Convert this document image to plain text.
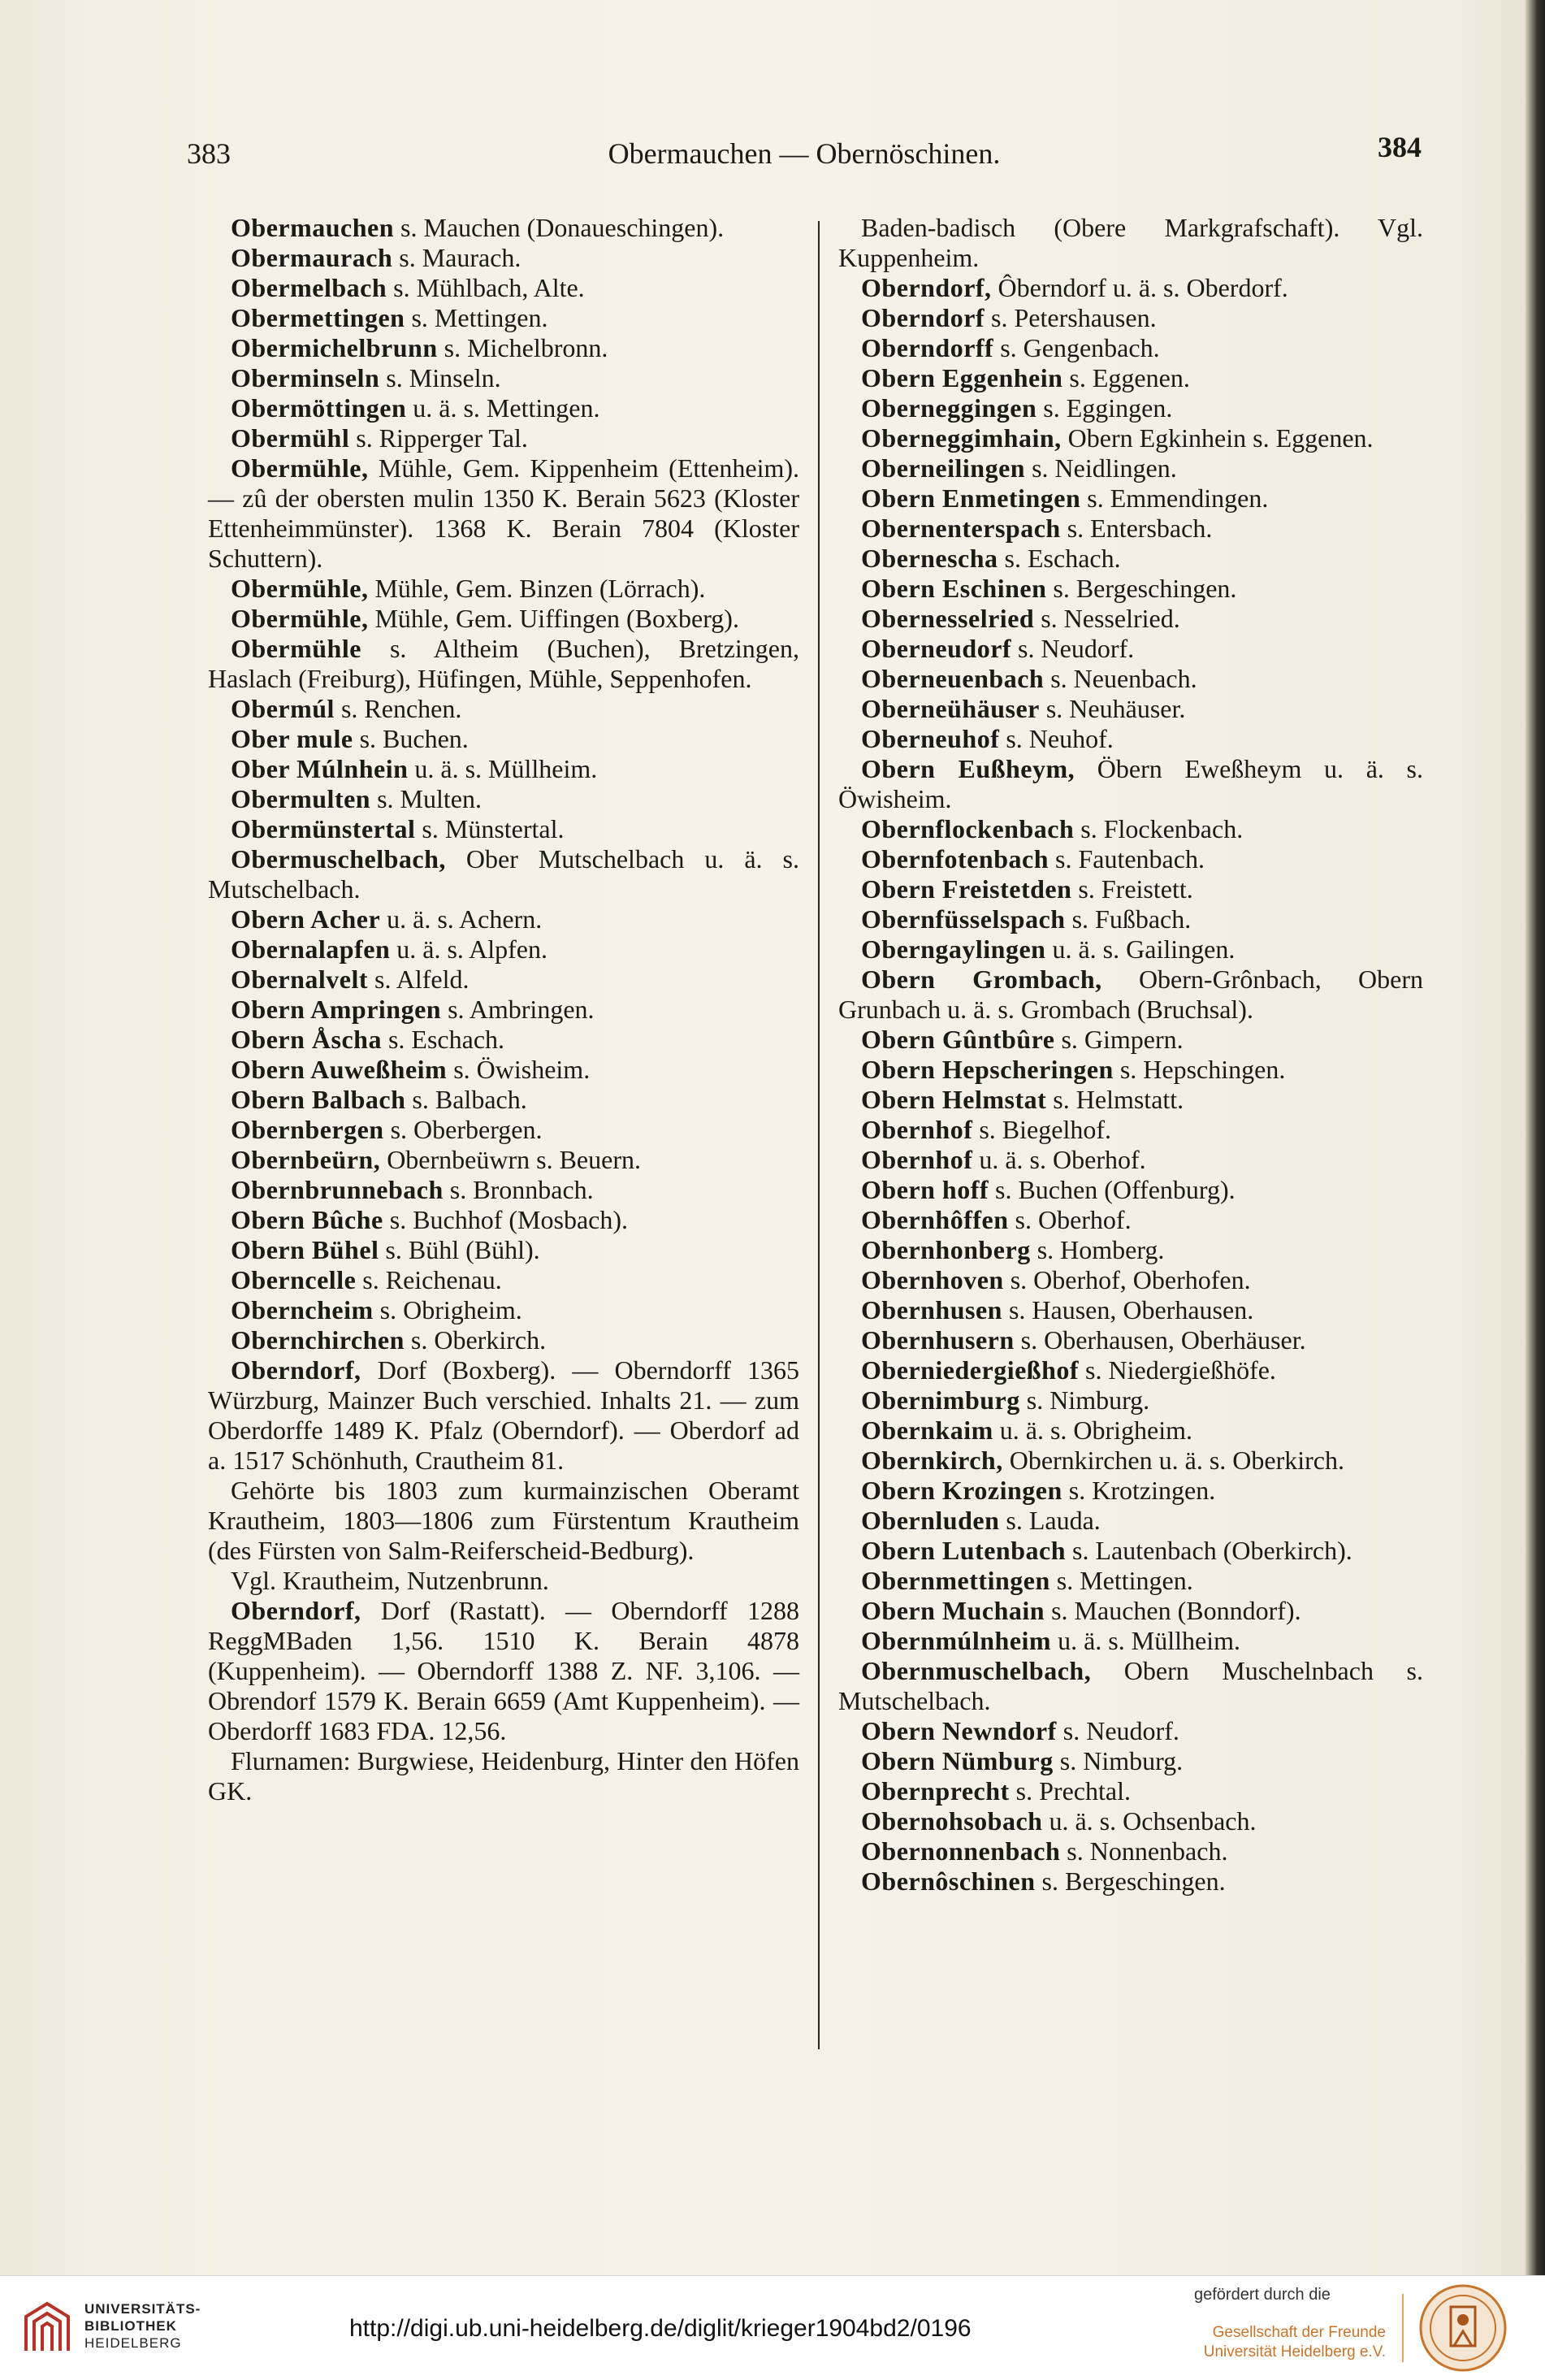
383	Obermauchen — Obernöschinen.	384

Obermauchen s. Mauchen (Donaueschingen).

Obermaurach s. Maurach.

Obermelbach s. Mühlbach, Alte.

Obermettingen s. Mettingen.

Obermichelbrunn s. Michelbronn.

Oberminseln s. Minseln.

Obermöttingen u. ä. s. Mettingen.

Obermühl s. Ripperger Tal.

Obermühle, Mühle, Gem. Kippenheim (Ettenheim). — zû der obersten mulin 1350 K. Berain 5623 (Kloster Ettenheimmünster). 1368 K. Berain 7804 (Kloster Schuttern).

Obermühle, Mühle, Gem. Binzen (Lörrach).

Obermühle, Mühle, Gem. Uiffingen (Boxberg).

Obermühle s. Altheim (Buchen), Bretzingen, Haslach (Freiburg), Hüfingen, Mühle, Seppenhofen.

Obermúl s. Renchen.

Ober mule s. Buchen.

Ober Múlnhein u. ä. s. Müllheim.

Obermulten s. Multen.

Obermünstertal s. Münstertal.

Obermuschelbach, Ober Mutschelbach u. ä. s. Mutschelbach.

Obern Acher u. ä. s. Achern.

Obernalapfen u. ä. s. Alpfen.

Obernalvelt s. Alfeld.

Obern Ampringen s. Ambringen.

Obern Åscha s. Eschach.

Obern Auweßheim s. Öwisheim.

Obern Balbach s. Balbach.

Obernbergen s. Oberbergen.

Obernbeürn, Obernbeüwrn s. Beuern.

Obernbrunnebach s. Bronnbach.

Obern Bûche s. Buchhof (Mosbach).

Obern Bühel s. Bühl (Bühl).

Oberncelle s. Reichenau.

Oberncheim s. Obrigheim.

Obernchirchen s. Oberkirch.

Oberndorf, Dorf (Boxberg). — Oberndorff 1365 Würzburg, Mainzer Buch verschied. Inhalts 21. — zum Oberdorffe 1489 K. Pfalz (Oberndorf). — Oberdorf ad a. 1517 Schönhuth, Crautheim 81.

Gehörte bis 1803 zum kurmainzischen Oberamt Krautheim, 1803—1806 zum Fürstentum Krautheim (des Fürsten von Salm-Reiferscheid-Bedburg).

Vgl. Krautheim, Nutzenbrunn.

Oberndorf, Dorf (Rastatt). — Oberndorff 1288 ReggMBaden 1,56. 1510 K. Berain 4878 (Kuppenheim). — Oberndorff 1388 Z. NF. 3,106. — Obrendorf 1579 K. Berain 6659 (Amt Kuppenheim). — Oberdorff 1683 FDA. 12,56.

Flurnamen: Burgwiese, Heidenburg, Hinter den Höfen GK.

Baden-badisch (Obere Markgrafschaft). Vgl. Kuppenheim.

Oberndorf, Ôberndorf u. ä. s. Oberdorf.

Oberndorf s. Petershausen.

Oberndorff s. Gengenbach.

Obern Eggenhein s. Eggenen.

Oberneggingen s. Eggingen.

Oberneggimhain, Obern Egkinhein s. Eggenen.

Oberneilingen s. Neidlingen.

Obern Enmetingen s. Emmendingen.

Obernenterspach s. Entersbach.

Obernescha s. Eschach.

Obern Eschinen s. Bergeschingen.

Obernesselried s. Nesselried.

Oberneudorf s. Neudorf.

Oberneuenbach s. Neuenbach.

Oberneühäuser s. Neuhäuser.

Oberneuhof s. Neuhof.

Obern Eußheym, Öbern Eweßheym u. ä. s. Öwisheim.

Obernflockenbach s. Flockenbach.

Obernfotenbach s. Fautenbach.

Obern Freistetden s. Freistett.

Obernfüsselspach s. Fußbach.

Oberngaylingen u. ä. s. Gailingen.

Obern Grombach, Obern-Grônbach, Obern Grunbach u. ä. s. Grombach (Bruchsal).

Obern Gûntbûre s. Gimpern.

Obern Hepscheringen s. Hepschingen.

Obern Helmstat s. Helmstatt.

Obernhof s. Biegelhof.

Obernhof u. ä. s. Oberhof.

Obern hoff s. Buchen (Offenburg).

Obernhôffen s. Oberhof.

Obernhonberg s. Homberg.

Obernhoven s. Oberhof, Oberhofen.

Obernhusen s. Hausen, Oberhausen.

Obernhusern s. Oberhausen, Oberhäuser.

Oberniedergießhof s. Niedergießhöfe.

Obernimburg s. Nimburg.

Obernkaim u. ä. s. Obrigheim.

Obernkirch, Obernkirchen u. ä. s. Oberkirch.

Obern Krozingen s. Krotzingen.

Obernluden s. Lauda.

Obern Lutenbach s. Lautenbach (Oberkirch).

Obernmettingen s. Mettingen.

Obern Muchain s. Mauchen (Bonndorf).

Obernmúlnheim u. ä. s. Müllheim.

Obernmuschelbach, Obern Muschelnbach s. Mutschelbach.

Obern Newndorf s. Neudorf.

Obern Nümburg s. Nimburg.

Obernprecht s. Prechtal.

Obernohsobach u. ä. s. Ochsenbach.

Obernonnenbach s. Nonnenbach.

Obernôschinen s. Bergeschingen.

UNIVERSITÄTS-
BIBLIOTHEK
HEIDELBERG
http://digi.ub.uni-heidelberg.de/diglit/krieger1904bd2/0196
gefördert durch die
Gesellschaft der Freunde
Universität Heidelberg e.V.
